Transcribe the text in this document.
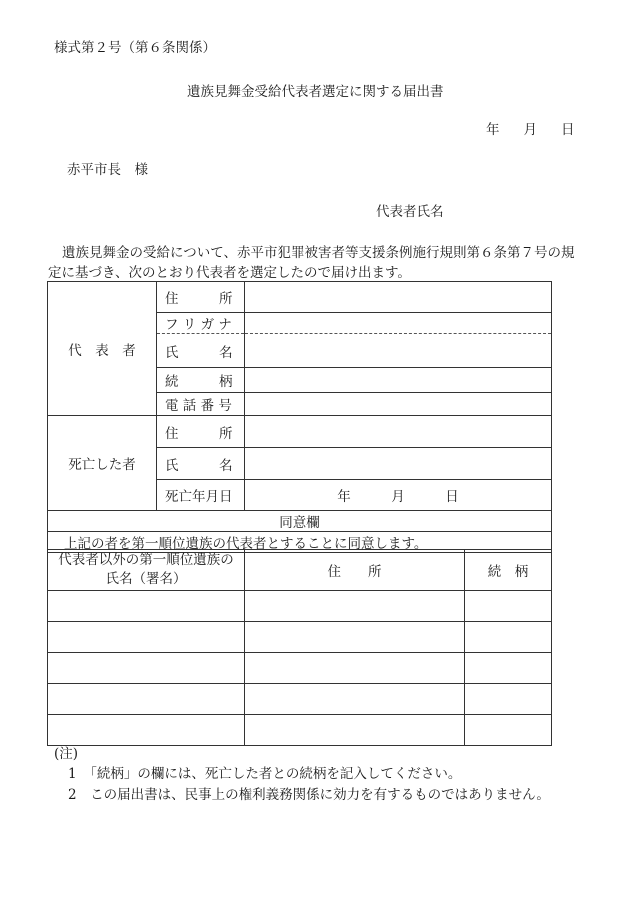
様式第２号（第６条関係）
遺族見舞金受給代表者選定に関する届出書
年 月 日
赤平市長　様
代表者氏名
遺族見舞金の受給について、赤平市犯罪被害者等支援条例施行規則第６条第７号の規定に基づき、次のとおり代表者を選定したので届け出ます。
代　表　者	住　　　所	
	フ リ ガ ナ	
	氏　　　名	
	続　　　柄	
	電 話 番 号	
死亡した者	住　　　所	
	氏　　　名	
	死亡年月日	年　　　月　　　日
同意欄		
上記の者を第一順位遺族の代表者とすることに同意します。		
代表者以外の第一順位遺族の
氏名（署名）	住　　所	続　柄

(注)
1　「続柄」の欄には、死亡した者との続柄を記入してください。
2　この届出書は、民事上の権利義務関係に効力を有するものではありません。
